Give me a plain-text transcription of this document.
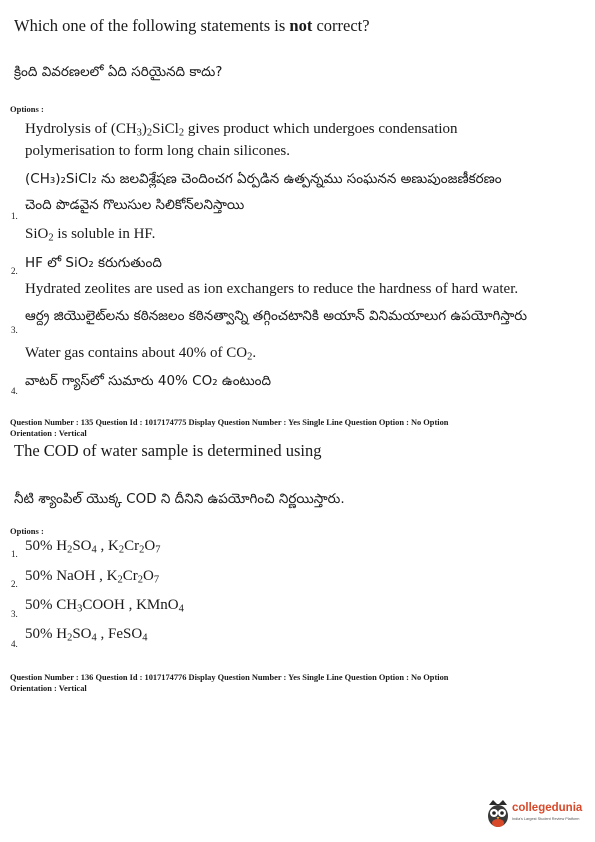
Which one of the following statements is not correct?
క్రింది వివరణలలో ఏది సరియైనది కాదు?
Options :
Hydrolysis of $(CH_3)_2SiCl_2$ gives product which undergoes condensation
polymerisation to form long chain silicones.
(CH₃)₂SiCl₂ ను జలవిశ్లేషణ చెందించగ ఏర్పడిన ఉత్పన్నము సంఘనన అణుపుంజణీకరణం
చెంది పొడవైన గొలుసుల సిలికోన్‌లనిస్తాయి
1.
SiO$_2$ is soluble in HF.
HF లో SiO₂ కరుగుతుంది
2.
Hydrated zeolites are used as ion exchangers to reduce the hardness of hard water.
ఆర్ద్ర జియొలైట్‌లను కఠినజలం కఠినత్వాన్ని తగ్గించటానికి అయాన్ వినిమయాలుగ ఉపయోగిస్తారు
3.
Water gas contains about 40% of $CO_2$.
వాటర్ గ్యాస్‌లో సుమారు 40% CO₂ ఉంటుంది
4.
Question Number : 135 Question Id : 1017174775 Display Question Number : Yes Single Line Question Option : No Option
Orientation : Vertical
The COD of water sample is determined using
నీటి శ్యాంపిల్ యొక్క COD ని దీనిని ఉపయోగించి నిర్ణయిస్తారు.
Options :
50% $H_2SO_4$ , $K_2Cr_2O_7$
1.
50% NaOH , $K_2Cr_2O_7$
2.
50% $CH_3COOH$ , KMnO$_4$
3.
50% $H_2SO_4$ , FeSO$_4$
4.
Question Number : 136 Question Id : 1017174776 Display Question Number : Yes Single Line Question Option : No Option
Orientation : Vertical
collegedunia
India's Largest Student Review Platform
